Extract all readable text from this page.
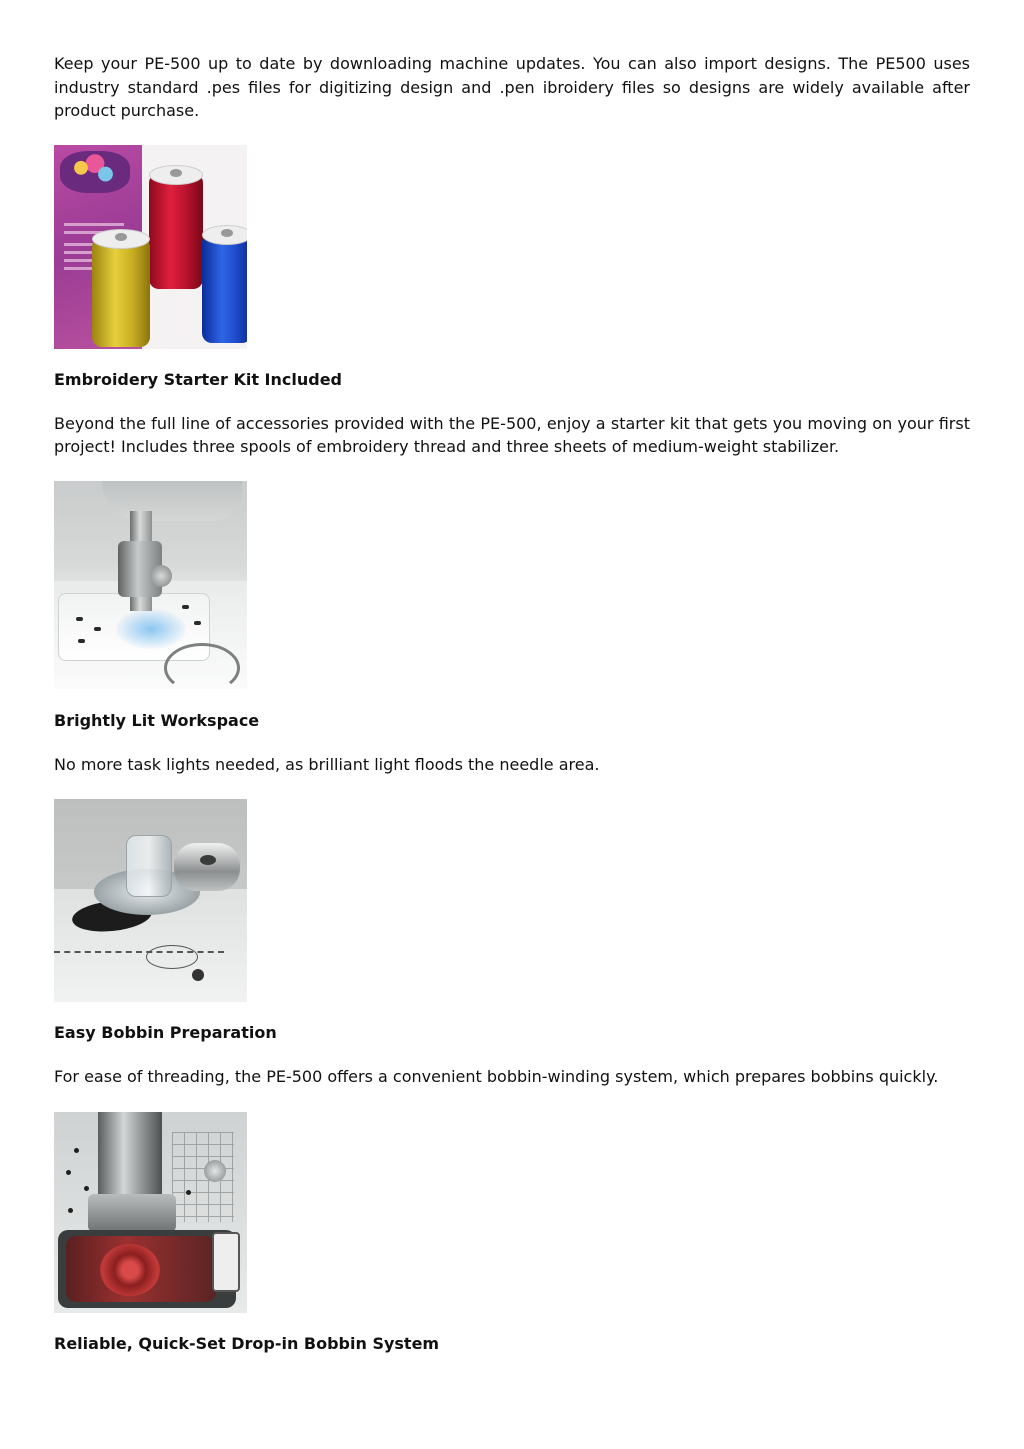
Keep your PE-500 up to date by downloading machine updates. You can also import designs. The PE500 uses industry standard .pes files for digitizing design and .pen ibroidery files so designs are widely available after product purchase.

Embroidery Starter Kit Included

Beyond the full line of accessories provided with the PE-500, enjoy a starter kit that gets you moving on your first project! Includes three spools of embroidery thread and three sheets of medium-weight stabilizer.

Brightly Lit Workspace

No more task lights needed, as brilliant light floods the needle area.

Easy Bobbin Preparation

For ease of threading, the PE-500 offers a convenient bobbin-winding system, which prepares bobbins quickly.

Reliable, Quick-Set Drop-in Bobbin System
